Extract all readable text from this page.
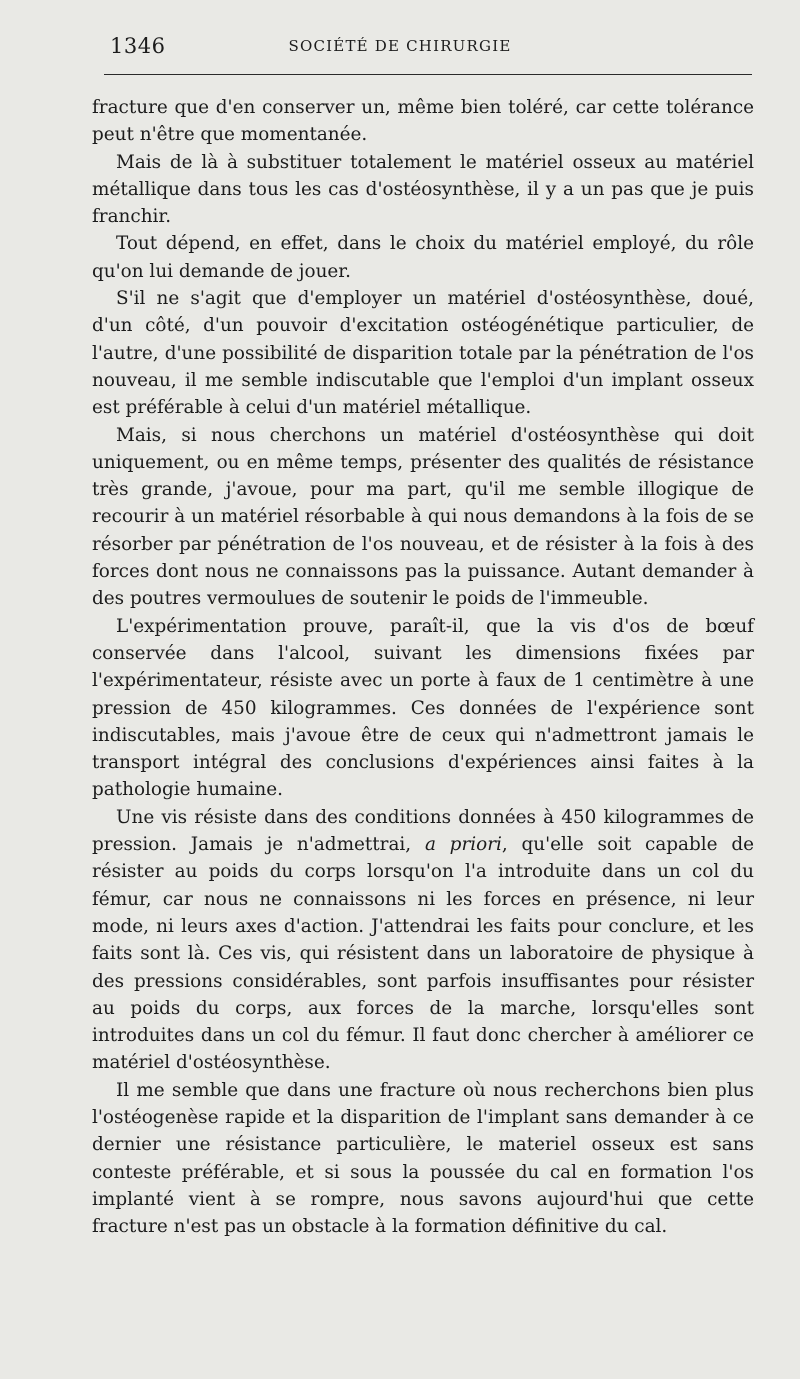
1346	SOCIÉTÉ DE CHIRURGIE

fracture que d'en conserver un, même bien toléré, car cette tolérance peut n'être que momentanée.

Mais de là à substituer totalement le matériel osseux au matériel métallique dans tous les cas d'ostéosynthèse, il y a un pas que je puis franchir.

Tout dépend, en effet, dans le choix du matériel employé, du rôle qu'on lui demande de jouer.

S'il ne s'agit que d'employer un matériel d'ostéosynthèse, doué, d'un côté, d'un pouvoir d'excitation ostéogénétique particulier, de l'autre, d'une possibilité de disparition totale par la pénétration de l'os nouveau, il me semble indiscutable que l'emploi d'un implant osseux est préférable à celui d'un matériel métallique.

Mais, si nous cherchons un matériel d'ostéosynthèse qui doit uniquement, ou en même temps, présenter des qualités de résistance très grande, j'avoue, pour ma part, qu'il me semble illogique de recourir à un matériel résorbable à qui nous demandons à la fois de se résorber par pénétration de l'os nouveau, et de résister à la fois à des forces dont nous ne connaissons pas la puissance. Autant demander à des poutres vermoulues de soutenir le poids de l'immeuble.

L'expérimentation prouve, paraît-il, que la vis d'os de bœuf conservée dans l'alcool, suivant les dimensions fixées par l'expérimentateur, résiste avec un porte à faux de 1 centimètre à une pression de 450 kilogrammes. Ces données de l'expérience sont indiscutables, mais j'avoue être de ceux qui n'admettront jamais le transport intégral des conclusions d'expériences ainsi faites à la pathologie humaine.

Une vis résiste dans des conditions données à 450 kilogrammes de pression. Jamais je n'admettrai, a priori, qu'elle soit capable de résister au poids du corps lorsqu'on l'a introduite dans un col du fémur, car nous ne connaissons ni les forces en présence, ni leur mode, ni leurs axes d'action. J'attendrai les faits pour conclure, et les faits sont là. Ces vis, qui résistent dans un laboratoire de physique à des pressions considérables, sont parfois insuffisantes pour résister au poids du corps, aux forces de la marche, lorsqu'elles sont introduites dans un col du fémur. Il faut donc chercher à améliorer ce matériel d'ostéosynthèse.

Il me semble que dans une fracture où nous recherchons bien plus l'ostéogenèse rapide et la disparition de l'implant sans demander à ce dernier une résistance particulière, le materiel osseux est sans conteste préférable, et si sous la poussée du cal en formation l'os implanté vient à se rompre, nous savons aujourd'hui que cette fracture n'est pas un obstacle à la formation définitive du cal.
